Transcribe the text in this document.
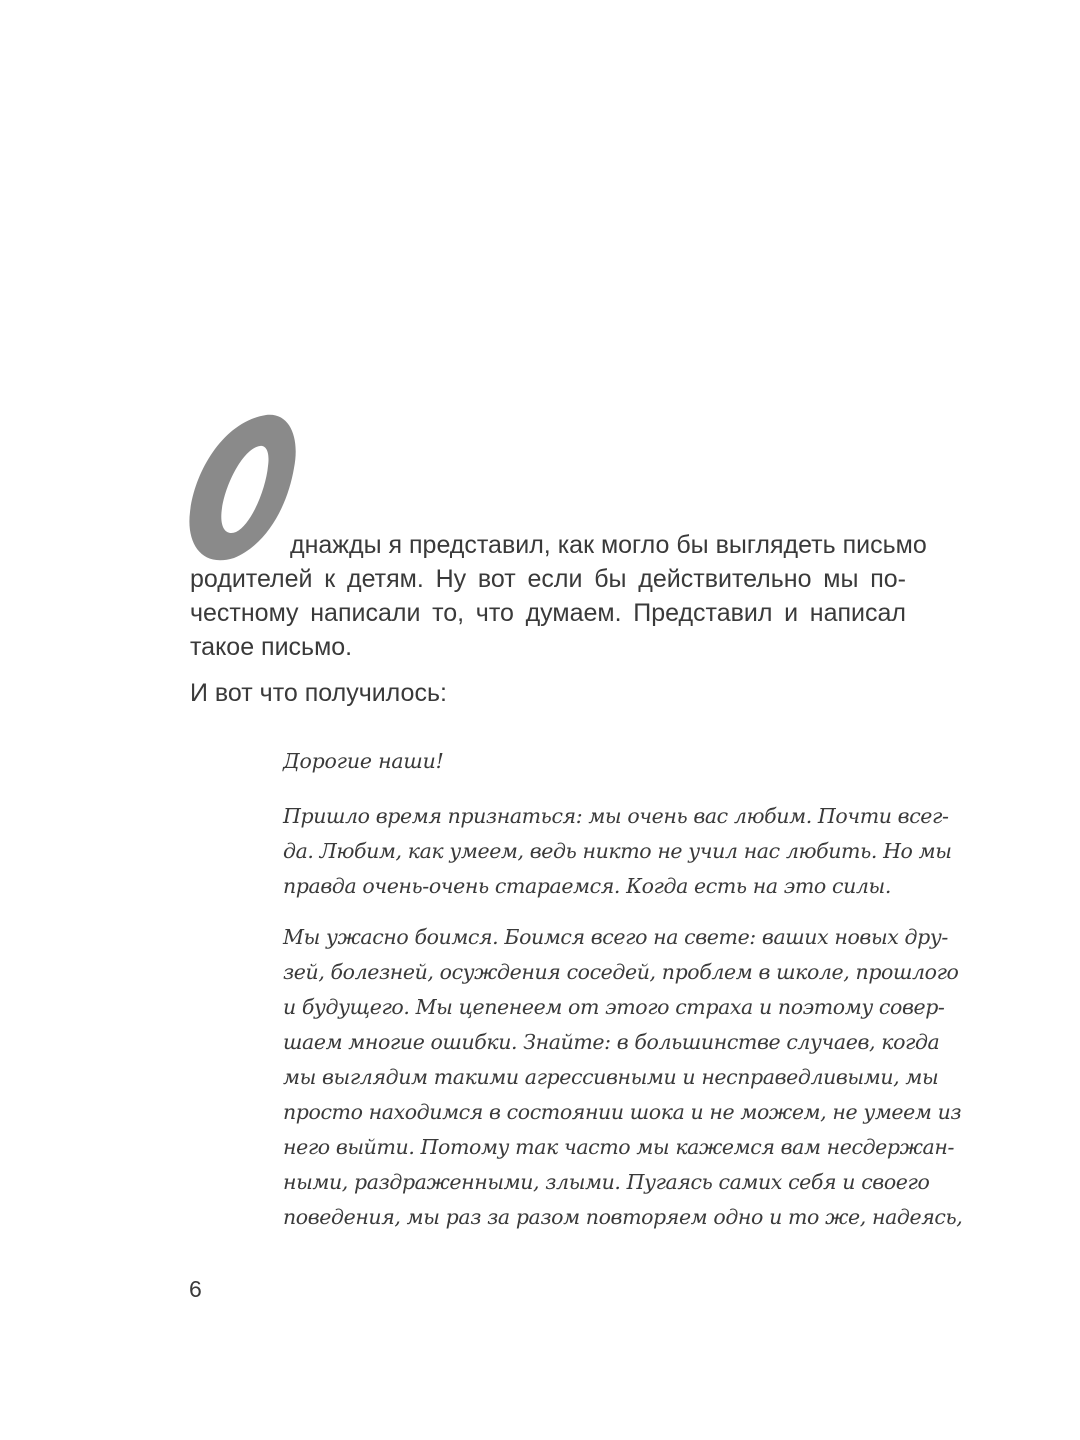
днажды я представил, как могло бы выглядеть письмо
родителей к детям. Ну вот если бы действительно мы по-
честному написали то, что думаем. Представил и написал
такое письмо.
И вот что получилось:
Дорогие наши!
Пришло время признаться: мы очень вас любим. Почти всег-
да. Любим, как умеем, ведь никто не учил нас любить. Но мы
правда очень-очень стараемся. Когда есть на это силы.
Мы ужасно боимся. Боимся всего на свете: ваших новых дру-
зей, болезней, осуждения соседей, проблем в школе, прошлого
и будущего. Мы цепенеем от этого страха и поэтому совер-
шаем многие ошибки. Знайте: в большинстве случаев, когда
мы выглядим такими агрессивными и несправедливыми, мы
просто находимся в состоянии шока и не можем, не умеем из
него выйти. Потому так часто мы кажемся вам несдержан-
ными, раздраженными, злыми. Пугаясь самих себя и своего
поведения, мы раз за разом повторяем одно и то же, надеясь,
6
